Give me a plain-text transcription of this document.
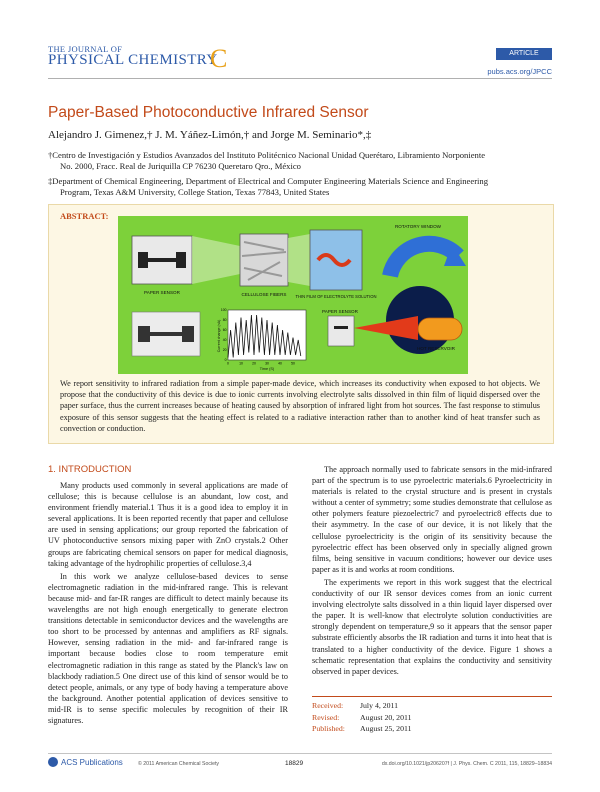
THE JOURNAL OF
PHYSICAL CHEMISTRY
C	ARTICLE
pubs.acs.org/JPCC
Paper-Based Photoconductive Infrared Sensor
Alejandro J. Gimenez,† J. M. Yáñez-Limón,† and Jorge M. Seminario*,‡
†Centro de Investigación y Estudios Avanzados del Instituto Politécnico Nacional Unidad Querétaro, Libramiento Norponiente
No. 2000, Fracc. Real de Juriquilla CP 76230 Queretaro Qro., México
‡Department of Chemical Engineering, Department of Electrical and Computer Engineering Materials Science and Engineering
Program, Texas A&M University, College Station, Texas 77843, United States
ABSTRACT:
PAPER SENSOR	CELLULOSE FIBERS THIN FILM OF ELECTROLYTE SOLUTION
ROTATORY WINDOW
PAPER SENSOR
HOT RESERVOIR
Current change (nA)
Time (S)
0	10	20	30	40	50
0
20
40
60
80
100
We report sensitivity to infrared radiation from a simple paper-made device, which increases its conductivity when exposed to hot objects. We propose that the conductivity of this device is due to ionic currents involving electrolyte salts dissolved in thin film of liquid dispersed over the paper surface, thus the current increases because of heating caused by absorption of infrared light from hot sources. The fast response to stimulus exposure of this sensor suggests that the heating effect is related to a radiative interaction rather than to another kind of heat transfer such as convection or conduction.
1. INTRODUCTION

Many products used commonly in several applications are made of cellulose; this is because cellulose is an abundant, low cost, and environment friendly material.1 Thus it is a good idea to employ it in several applications. It is been reported recently that paper and cellulose are used in sensing applications; our group reported the fabrication of UV photoconductive sensors mixing paper with ZnO crystals.2 Other groups are fabricating chemical sensors on paper for medical diagnosis, taking advantage of the hydrophilic properties of cellulose.3,4

In this work we analyze cellulose-based devices to sense electromagnetic radiation in the mid-infrared range. This is relevant because mid- and far-IR ranges are difficult to detect mainly because its wavelengths are not high enough energetically to generate electron transitions detectable in semiconductor devices and the wavelengths are too short to be processed by antennas and amplifiers as RF signals. However, sensing radiation in the mid- and far-infrared range is important because bodies close to room temperature emit electromagnetic radiation in this range as stated by the Planck's law on blackbody radiation.5 One direct use of this kind of sensor would be to detect people, animals, or any type of body having a temperature above the background. Another potential application of devices sensitive to mid-IR is to sense specific molecules by recognition of their IR signatures.

The approach normally used to fabricate sensors in the mid-infrared part of the spectrum is to use pyroelectric materials.6 Pyroelectricity in materials is related to the crystal structure and is present in crystals without a center of symmetry; some studies demonstrate that cellulose as other polymers feature piezoelectric7 and pyroelectric8 effects due to their asymmetry. In the case of our device, it is not likely that the cellulose pyroelectricity is the origin of its sensitivity because the pyroelectric effect has been observed only in specially aligned grown films, being sensitive in vacuum conditions; however our device uses paper as it is and works at room conditions.

The experiments we report in this work suggest that the electrical conductivity of our IR sensor devices comes from an ionic current involving electrolyte salts dissolved in a thin liquid layer dispersed over the paper. It is well-know that electrolyte solution conductivities are strongly dependent on temperature,9 so it appears that the sensor paper substrate efficiently absorbs the IR radiation and turns it into heat that is translated to a higher conductivity of the device. Figure 1 shows a schematic representation that explains the conductivity and sensitivity observed in paper devices.

Received: July 4, 2011
Revised:	August 20, 2011
Published: August 25, 2011
ACS Publications	© 2011 American Chemical Society	18829	dx.doi.org/10.1021/jp206207f | J. Phys. Chem. C 2011, 115, 18829–18834
